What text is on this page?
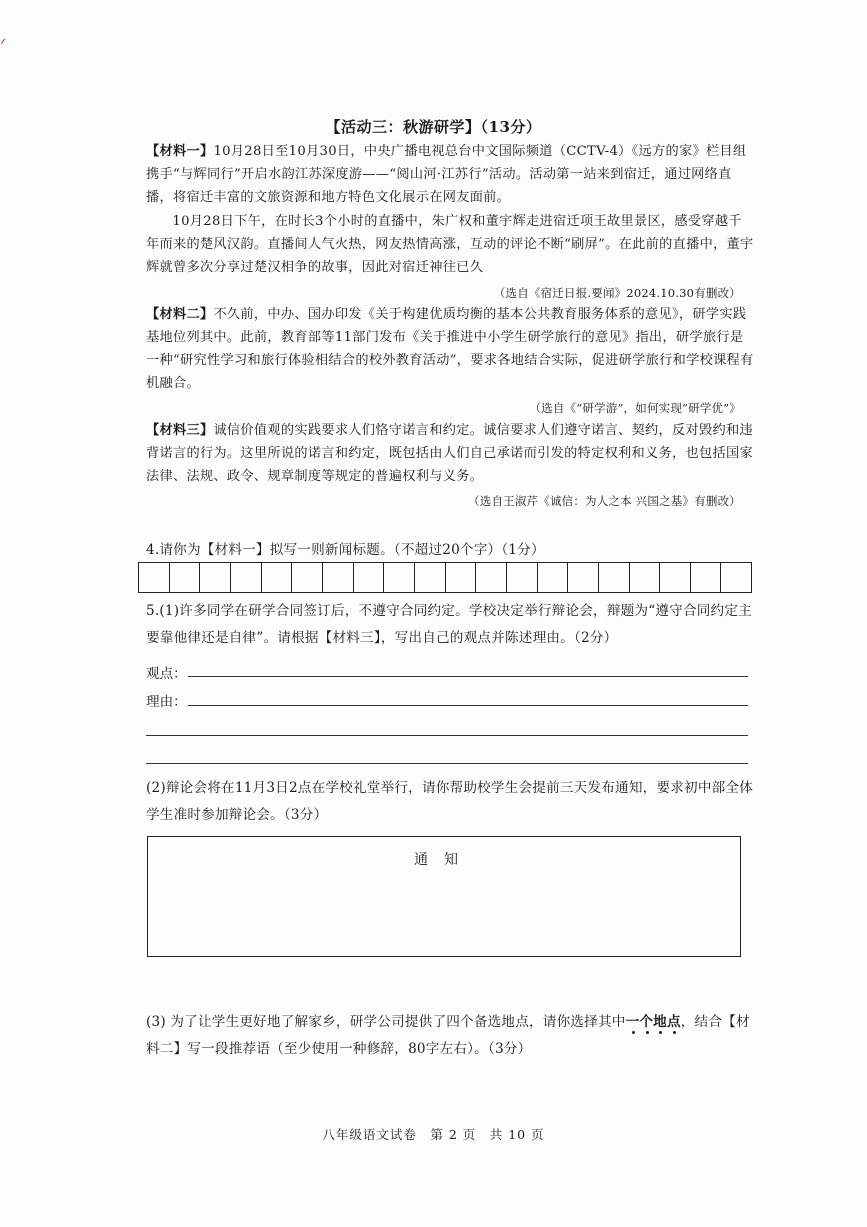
【活动三：秋游研学】（13分）
【材料一】10月28日至10月30日，中央广播电视总台中文国际频道（CCTV-4）《远方的家》栏目组携手“与辉同行”开启水韵江苏深度游——“阅山河·江苏行”活动。活动第一站来到宿迁，通过网络直播，将宿迁丰富的文旅资源和地方特色文化展示在网友面前。
10月28日下午，在时长3个小时的直播中，朱广权和董宇辉走进宿迁项王故里景区，感受穿越千年而来的楚风汉韵。直播间人气火热，网友热情高涨，互动的评论不断“刷屏”。在此前的直播中，董宇辉就曾多次分享过楚汉相争的故事，因此对宿迁神往已久
（选自《宿迁日报.要闻》2024.10.30有删改）
【材料二】不久前，中办、国办印发《关于构建优质均衡的基本公共教育服务体系的意见》，研学实践基地位列其中。此前，教育部等11部门发布《关于推进中小学生研学旅行的意见》指出，研学旅行是一种“研究性学习和旅行体验相结合的校外教育活动”，要求各地结合实际，促进研学旅行和学校课程有机融合。
（选自《“研学游”，如何实现“研学优”》
【材料三】诚信价值观的实践要求人们恪守诺言和约定。诚信要求人们遵守诺言、契约，反对毁约和违背诺言的行为。这里所说的诺言和约定，既包括由人们自己承诺而引发的特定权利和义务，也包括国家法律、法规、政令、规章制度等规定的普遍权利与义务。
（选自王淑芹《诚信：为人之本 兴国之基》有删改）
4.请你为【材料一】拟写一则新闻标题。（不超过20个字）（1分）
5.(1)许多同学在研学合同签订后，不遵守合同约定。学校决定举行辩论会，辩题为“遵守合同约定主要靠他律还是自律”。请根据【材料三】，写出自己的观点并陈述理由。（2分）
观点：
理由：
(2)辩论会将在11月3日2点在学校礼堂举行，请你帮助校学生会提前三天发布通知，要求初中部全体学生准时参加辩论会。（3分）
通知
(3) 为了让学生更好地了解家乡，研学公司提供了四个备选地点，请你选择其中一个地点，结合【材料二】写一段推荐语（至少使用一种修辞，80字左右）。（3分）
八年级语文试卷　第 2 页　共 10 页
